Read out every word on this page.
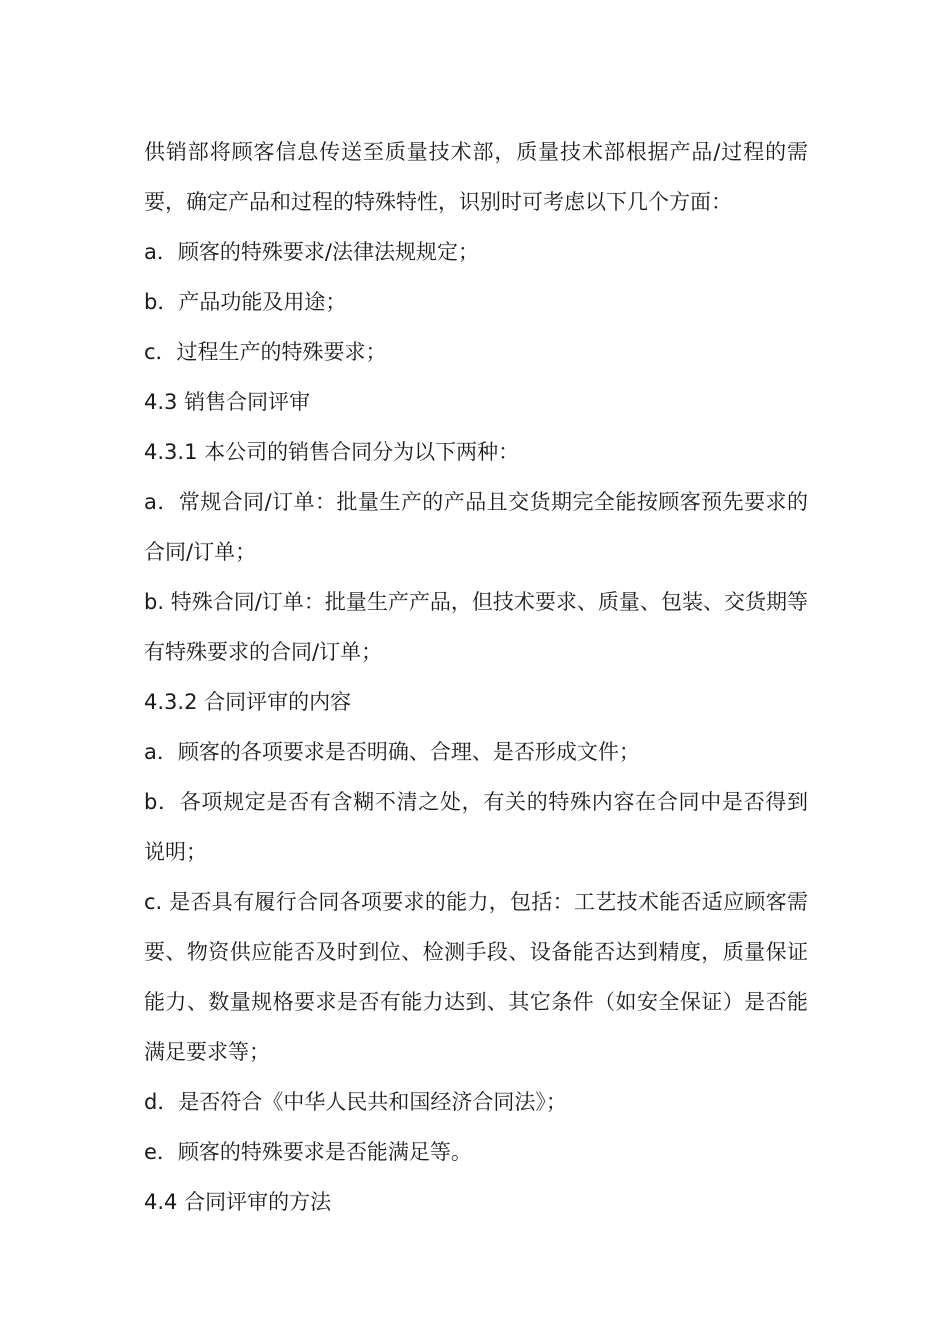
供销部将顾客信息传送至质量技术部，质量技术部根据产品/过程的需要，确定产品和过程的特殊特性，识别时可考虑以下几个方面：

a．顾客的特殊要求/法律法规规定；

b．产品功能及用途；

c．过程生产的特殊要求；

4.3 销售合同评审

4.3.1 本公司的销售合同分为以下两种：

a．常规合同/订单：批量生产的产品且交货期完全能按顾客预先要求的合同/订单；

b. 特殊合同/订单：批量生产产品，但技术要求、质量、包装、交货期等有特殊要求的合同/订单；

4.3.2 合同评审的内容

a．顾客的各项要求是否明确、合理、是否形成文件；

b．各项规定是否有含糊不清之处，有关的特殊内容在合同中是否得到说明；

c. 是否具有履行合同各项要求的能力，包括：工艺技术能否适应顾客需要、物资供应能否及时到位、检测手段、设备能否达到精度，质量保证能力、数量规格要求是否有能力达到、其它条件（如安全保证）是否能满足要求等；

d．是否符合《中华人民共和国经济合同法》；

e．顾客的特殊要求是否能满足等。

4.4 合同评审的方法
